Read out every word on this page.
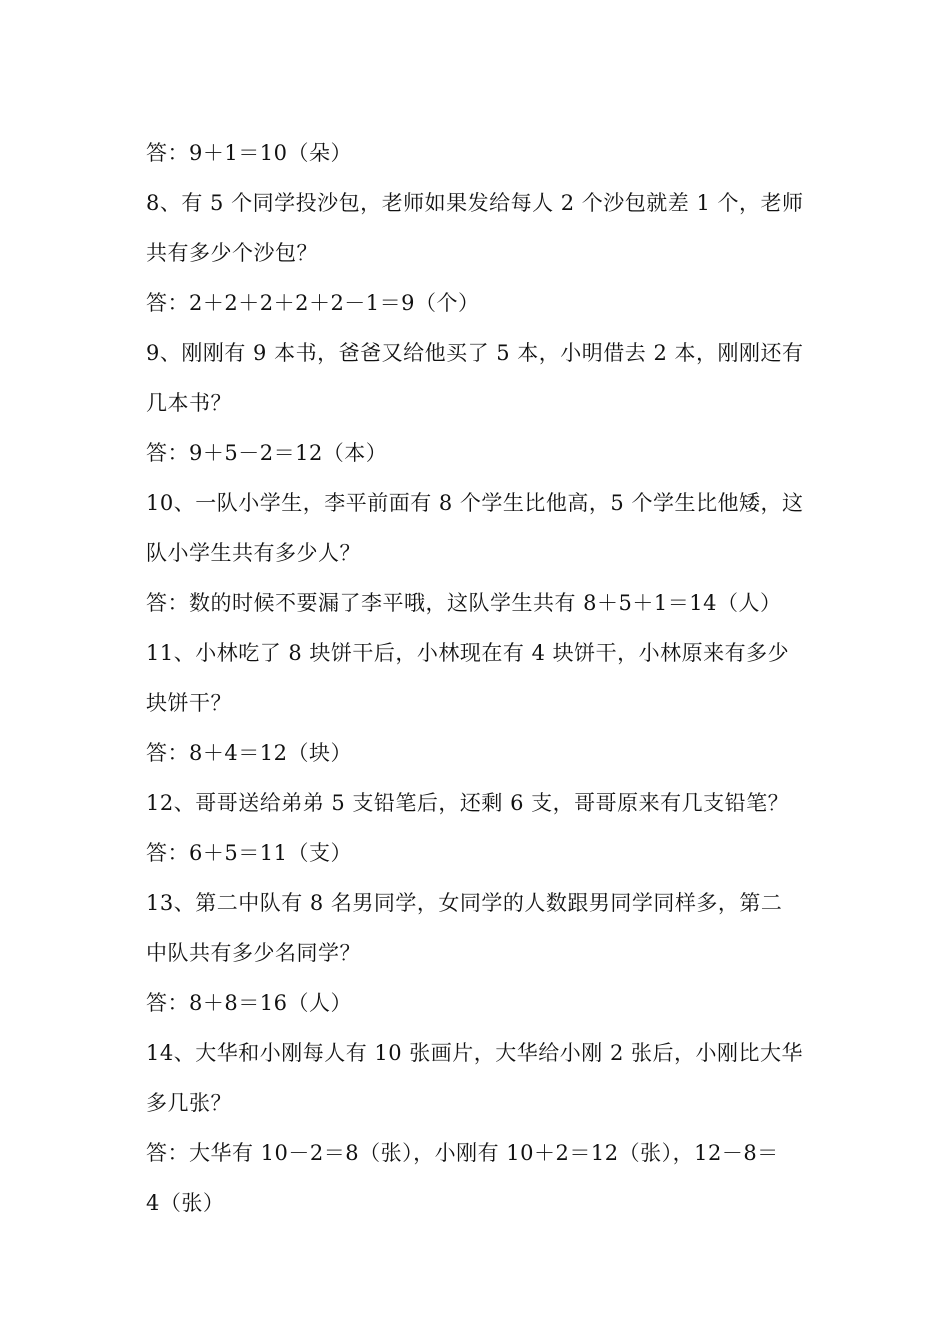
答：9＋1＝10（朵）
8、有 5 个同学投沙包，老师如果发给每人 2 个沙包就差 1 个，老师
共有多少个沙包？
答：2＋2＋2＋2＋2－1＝9（个）
9、刚刚有 9 本书，爸爸又给他买了 5 本，小明借去 2 本，刚刚还有
几本书？
答：9＋5－2＝12（本）
10、一队小学生，李平前面有 8 个学生比他高，5 个学生比他矮，这
队小学生共有多少人？
答：数的时候不要漏了李平哦，这队学生共有 8＋5＋1＝14（人）
11、小林吃了 8 块饼干后，小林现在有 4 块饼干，小林原来有多少
块饼干？
答：8＋4＝12（块）
12、哥哥送给弟弟 5 支铅笔后，还剩 6 支，哥哥原来有几支铅笔？
答：6＋5＝11（支）
13、第二中队有 8 名男同学，女同学的人数跟男同学同样多，第二
中队共有多少名同学？
答：8＋8＝16（人）
14、大华和小刚每人有 10 张画片，大华给小刚 2 张后，小刚比大华
多几张？
答：大华有 10－2＝8（张），小刚有 10＋2＝12（张），12－8＝
4（张）
